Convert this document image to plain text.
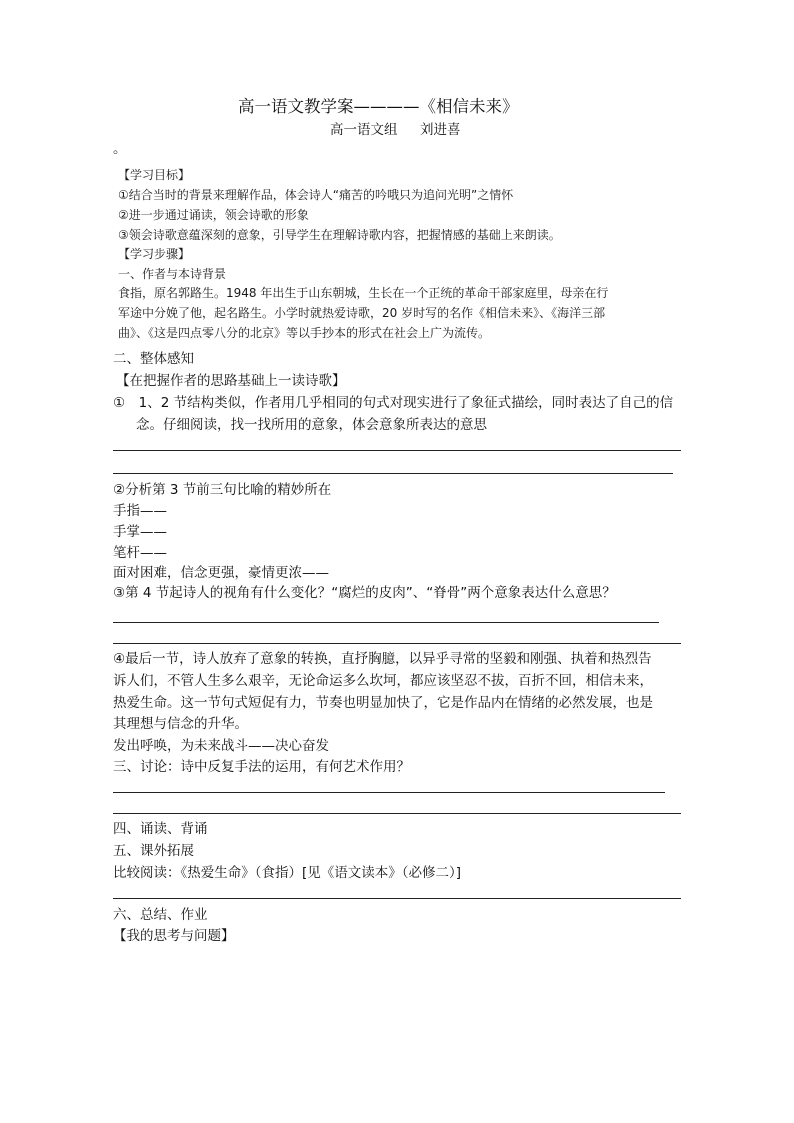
高一语文教学案————《相信未来》
高一语文组 刘进喜
。
【学习目标】
①结合当时的背景来理解作品，体会诗人“痛苦的吟哦只为追问光明”之情怀
②进一步通过诵读，领会诗歌的形象
③领会诗歌意蕴深刻的意象，引导学生在理解诗歌内容，把握情感的基础上来朗读。
【学习步骤】
一、作者与本诗背景
食指，原名郭路生。1948 年出生于山东朝城，生长在一个正统的革命干部家庭里，母亲在行
军途中分娩了他，起名路生。小学时就热爱诗歌，20 岁时写的名作《相信未来》、《海洋三部
曲》、《这是四点零八分的北京》等以手抄本的形式在社会上广为流传。
二、整体感知
【在把握作者的思路基础上一读诗歌】
①　1、2 节结构类似，作者用几乎相同的句式对现实进行了象征式描绘，同时表达了自己的信
念。仔细阅读，找一找所用的意象，体会意象所表达的意思
②分析第 3 节前三句比喻的精妙所在
手指——
手掌——
笔杆——
面对困难，信念更强，豪情更浓——
③第 4 节起诗人的视角有什么变化？“腐烂的皮肉”、“脊骨”两个意象表达什么意思？
④最后一节，诗人放弃了意象的转换，直抒胸臆，以异乎寻常的坚毅和刚强、执着和热烈告
诉人们，不管人生多么艰辛，无论命运多么坎坷，都应该坚忍不拔，百折不回，相信未来，
热爱生命。这一节句式短促有力，节奏也明显加快了，它是作品内在情绪的必然发展，也是
其理想与信念的升华。
发出呼唤，为未来战斗——决心奋发
三、讨论：诗中反复手法的运用，有何艺术作用？
四、诵读、背诵
五、课外拓展
比较阅读：《热爱生命》（食指）[见《语文读本》（必修二）]
六、总结、作业
【我的思考与问题】
